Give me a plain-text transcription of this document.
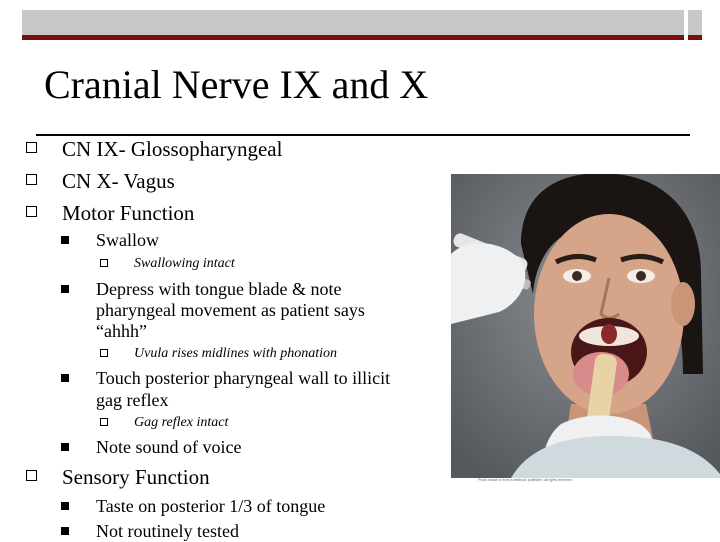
Cranial Nerve IX and X
CN IX- Glossopharyngeal
CN X- Vagus
Motor Function
Swallow
Swallowing intact
Depress with tongue blade & note
pharyngeal movement as patient says
“ahhh”
Uvula rises midlines with phonation
Touch posterior pharyngeal wall to illicit
gag reflex
Gag reflex intact
Note sound of voice
Sensory Function
Taste on posterior 1/3 of tongue
Not routinely tested
Photo shown is from a textbook publisher; all rights reserved.
